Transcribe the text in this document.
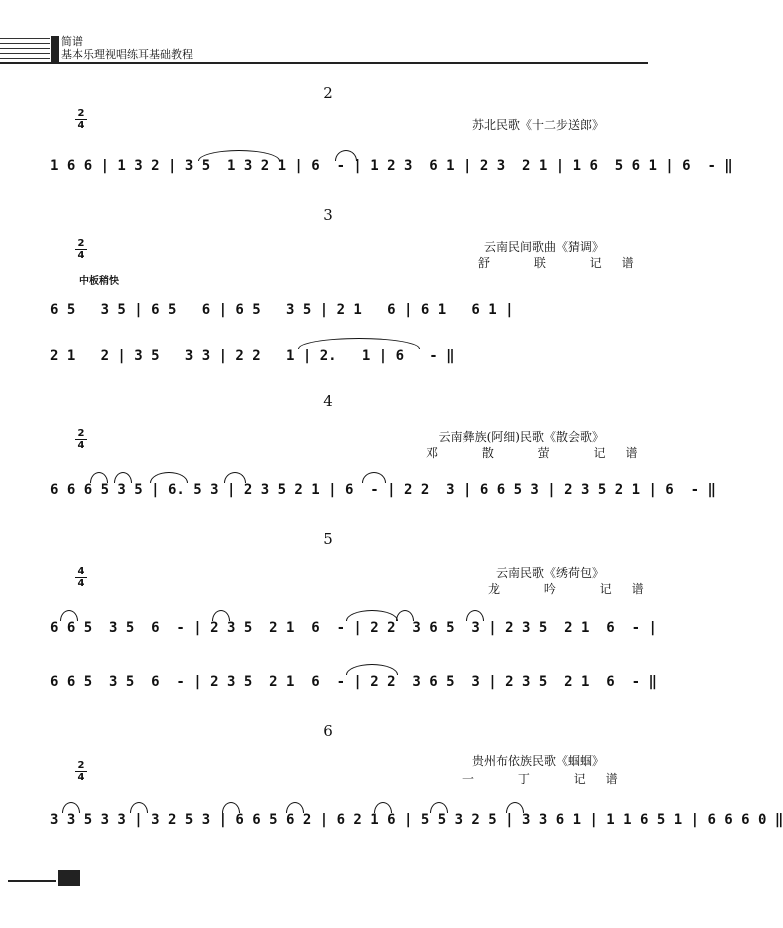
简谱
基本乐理视唱练耳基础教程
2
2
4	苏北民歌《十二步送郎》
1 6 6 | 1 3 2 | 3 5  1 3 2 1 | 6  - | 1 2 3  6 1 | 2 3  2 1 | 1 6  5 6 1 | 6  - ‖
3
2
4
云南民间歌曲《猜调》
舒 联 记谱
中板稍快
6 5   3 5 | 6 5   6 | 6 5   3 5 | 2 1   6 | 6 1   6 1 |
2 1   2 | 3 5   3 3 | 2 2   1 | 2.   1 | 6   - ‖
4
2
4
云南彝族(阿细)民歌《散会歌》
邓 散 萤 记谱
6 6 6 5 3 5 | 6. 5 3 | 2 3 5 2 1 | 6  - | 2 2  3 | 6 6 5 3 | 2 3 5 2 1 | 6  - ‖
5
4
4
云南民歌《绣荷包》
龙 吟 记谱
6 6 5  3 5  6  - | 2 3 5  2 1  6  - | 2 2  3 6 5  3 | 2 3 5  2 1  6  - |
6 6 5  3 5  6  - | 2 3 5  2 1  6  - | 2 2  3 6 5  3 | 2 3 5  2 1  6  - ‖
6
2
4
贵州布依族民歌《蝈蝈》
一 丁 记谱
3 3 5 3 3 | 3 2 5 3 | 6 6 5 6 2 | 6 2 1 6 | 5 5 3 2 5 | 3 3 6 1 | 1 1 6 5 1 | 6 6 6 0 ‖
